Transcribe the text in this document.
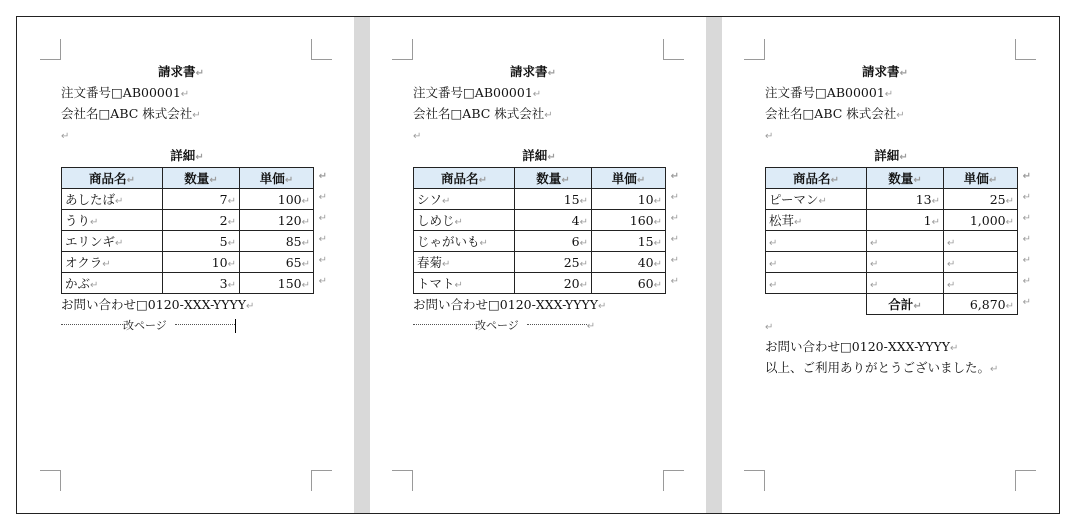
請求書↵
注文番号□AB00001↵
会社名□ABC 株式会社↵
↵
詳細↵
商品名↵	数量↵	単価↵ ↵

あしたば↵	7↵	100↵ ↵

うり↵	2↵	120↵ ↵

エリンギ↵	5↵	85↵ ↵

オクラ↵	10↵	65↵ ↵

かぶ↵	3↵	150↵ ↵
お問い合わせ□0120-XXX-YYYY↵
改ページ
請求書↵
注文番号□AB00001↵
会社名□ABC 株式会社↵
↵
詳細↵
商品名↵	数量↵	単価↵ ↵

シソ↵	15↵	10↵ ↵

しめじ↵	4↵	160↵ ↵

じゃがいも↵	6↵	15↵ ↵

春菊↵	25↵	40↵ ↵

トマト↵	20↵	60↵ ↵
お問い合わせ□0120-XXX-YYYY↵
改ページ	↵
請求書↵
注文番号□AB00001↵
会社名□ABC 株式会社↵
↵
詳細↵
商品名↵	数量↵	単価↵ ↵

ピーマン↵	13↵	25↵ ↵

松茸↵	1↵	1,000↵ ↵

↵	↵	↵ ↵

↵	↵	↵ ↵

↵	↵	↵ ↵

	合計↵	6,870↵ ↵
↵
お問い合わせ□0120-XXX-YYYY↵
以上、ご利用ありがとうございました。↵
